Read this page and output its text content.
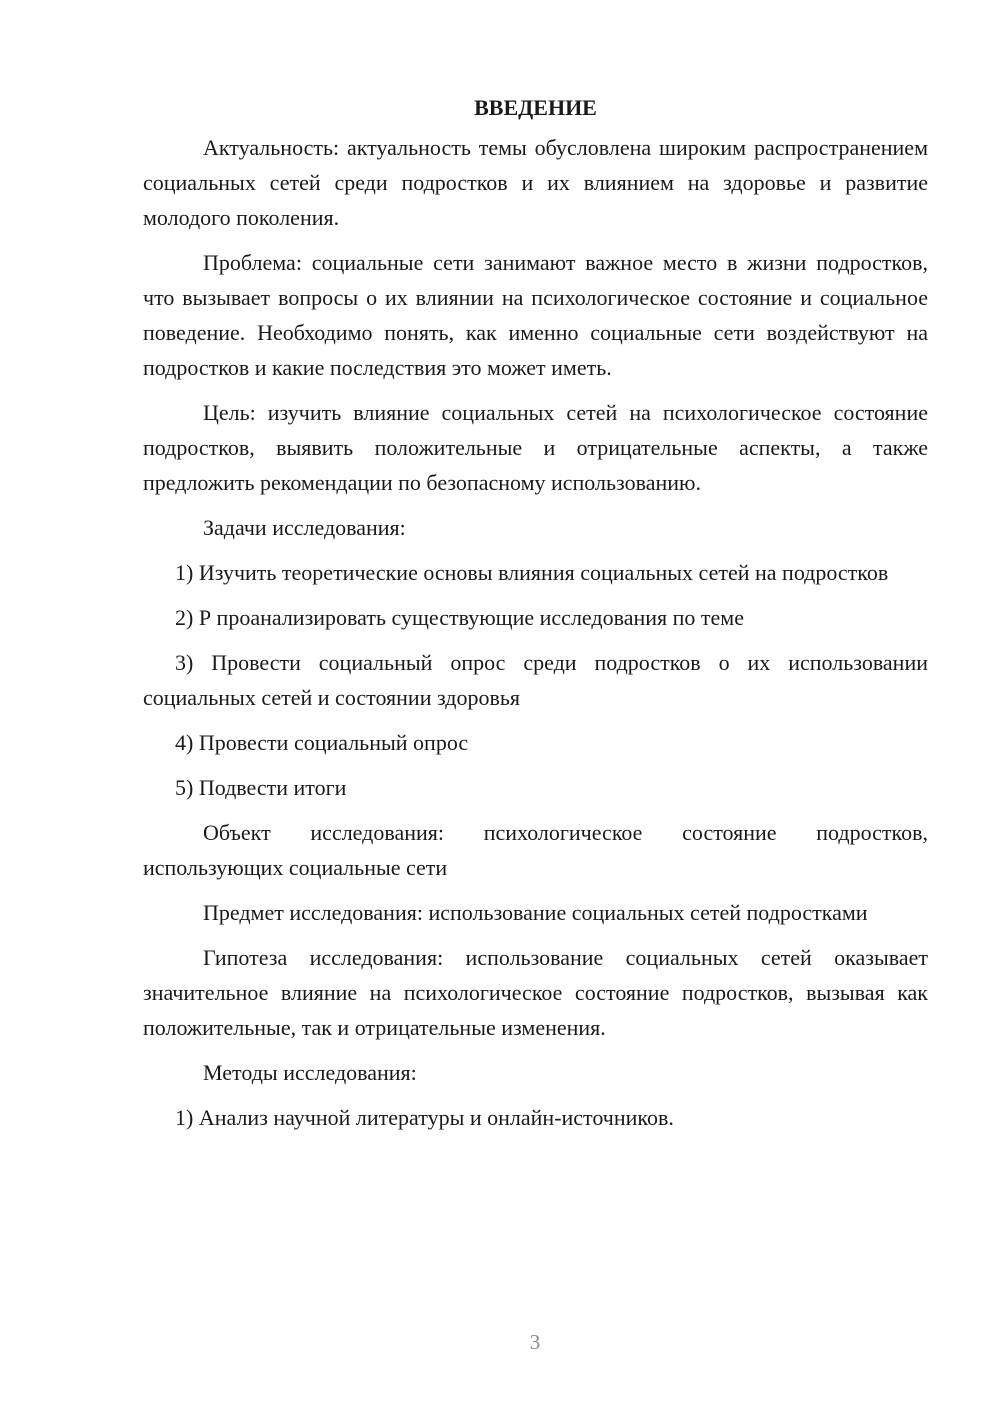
ВВЕДЕНИЕ

Актуальность: актуальность темы обусловлена широким распространением социальных сетей среди подростков и их влиянием на здоровье и развитие молодого поколения.

Проблема: социальные сети занимают важное место в жизни подростков, что вызывает вопросы о их влиянии на психологическое состояние и социальное поведение. Необходимо понять, как именно социальные сети воздействуют на подростков и какие последствия это может иметь.

Цель: изучить влияние социальных сетей на психологическое состояние подростков, выявить положительные и отрицательные аспекты, а также предложить рекомендации по безопасному использованию.

Задачи исследования:

1) Изучить теоретические основы влияния социальных сетей на подростков

2) Р проанализировать существующие исследования по теме

3) Провести социальный опрос среди подростков о их использовании социальных сетей и состоянии здоровья

4) Провести социальный опрос

5) Подвести итоги

Объект исследования: психологическое состояние подростков, использующих социальные сети

Предмет исследования: использование социальных сетей подростками

Гипотеза исследования: использование социальных сетей оказывает значительное влияние на психологическое состояние подростков, вызывая как положительные, так и отрицательные изменения.

Методы исследования:

1) Анализ научной литературы и онлайн-источников.

3
